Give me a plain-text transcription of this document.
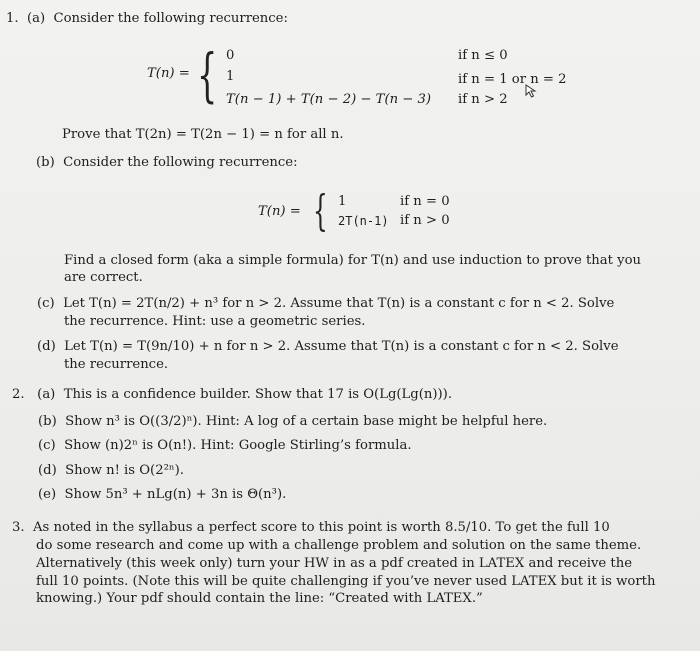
1. (a) Consider the following recurrence:
T(n) = { 0
1
T(n − 1) + T(n − 2) − T(n − 3)
if n ≤ 0
if n = 1 or n = 2
if n > 2
Prove that T(2n) = T(2n − 1) = n for all n.
(b) Consider the following recurrence:
T(n) = { 1
2T(n-1)
if n = 0
if n > 0
Find a closed form (aka a simple formula) for T(n) and use induction to prove that you
are correct.
(c) Let T(n) = 2T(n/2) + n³ for n > 2. Assume that T(n) is a constant c for n < 2. Solve
the recurrence. Hint: use a geometric series.
(d) Let T(n) = T(9n/10) + n for n > 2. Assume that T(n) is a constant c for n < 2. Solve
the recurrence.
2. (a) This is a confidence builder. Show that 17 is O(Lg(Lg(n))).
(b) Show n³ is O((3/2)ⁿ). Hint: A log of a certain base might be helpful here.
(c) Show (n)2ⁿ is O(n!). Hint: Google Stirling’s formula.
(d) Show n! is O(2²ⁿ).
(e) Show 5n³ + nLg(n) + 3n is Θ(n³).
3. As noted in the syllabus a perfect score to this point is worth 8.5/10. To get the full 10
do some research and come up with a challenge problem and solution on the same theme.
Alternatively (this week only) turn your HW in as a pdf created in LATEX and receive the
full 10 points. (Note this will be quite challenging if you’ve never used LATEX but it is worth
knowing.) Your pdf should contain the line: “Created with LATEX.”
